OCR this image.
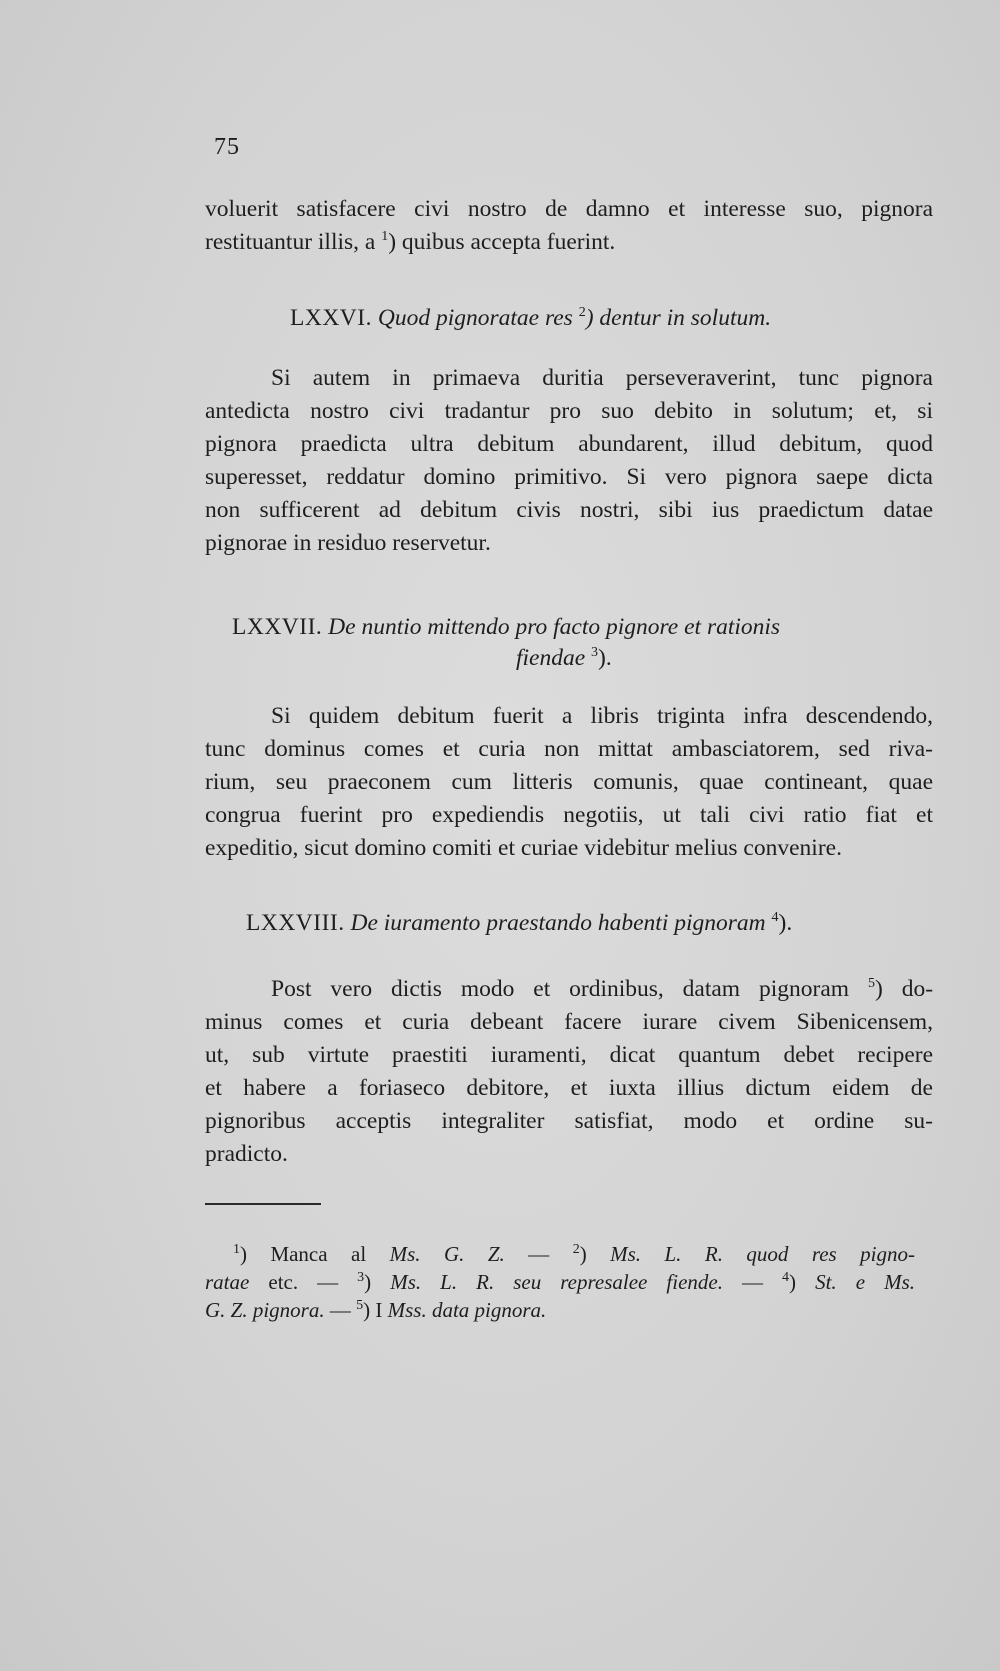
75
voluerit satisfacere civi nostro de damno et interesse suo, pignora
restituantur illis, a $^1$) quibus accepta fuerint.
LXXVI. Quod pignoratae res $^2$) dentur in solutum.
Si autem in primaeva duritia perseveraverint, tunc pignora
antedicta nostro civi tradantur pro suo debito in solutum; et, si
pignora praedicta ultra debitum abundarent, illud debitum, quod
superesset, reddatur domino primitivo. Si vero pignora saepe dicta
non sufficerent ad debitum civis nostri, sibi ius praedictum datae
pignorae in residuo reservetur.
LXXVII. De nuntio mittendo pro facto pignore et rationis
fiendae $^3$).
Si quidem debitum fuerit a libris triginta infra descendendo,
tunc dominus comes et curia non mittat ambasciatorem, sed riva-
rium, seu praeconem cum litteris comunis, quae contineant, quae
congrua fuerint pro expediendis negotiis, ut tali civi ratio fiat et
expeditio, sicut domino comiti et curiae videbitur melius convenire.
LXXVIII. De iuramento praestando habenti pignoram $^4$).
Post vero dictis modo et ordinibus, datam pignoram $^5$) do-
minus comes et curia debeant facere iurare civem Sibenicensem,
ut, sub virtute praestiti iuramenti, dicat quantum debet recipere
et habere a foriaseco debitore, et iuxta illius dictum eidem de
pignoribus acceptis integraliter satisfiat, modo et ordine su-
pradicto.
$^1$) Manca al Ms. G. Z. — $^2$) Ms. L. R. quod res pigno-
ratae etc. — $^3$) Ms. L. R. seu represalee fiende. — $^4$) St. e Ms.
G. Z. pignora. — $^5$) I Mss. data pignora.
